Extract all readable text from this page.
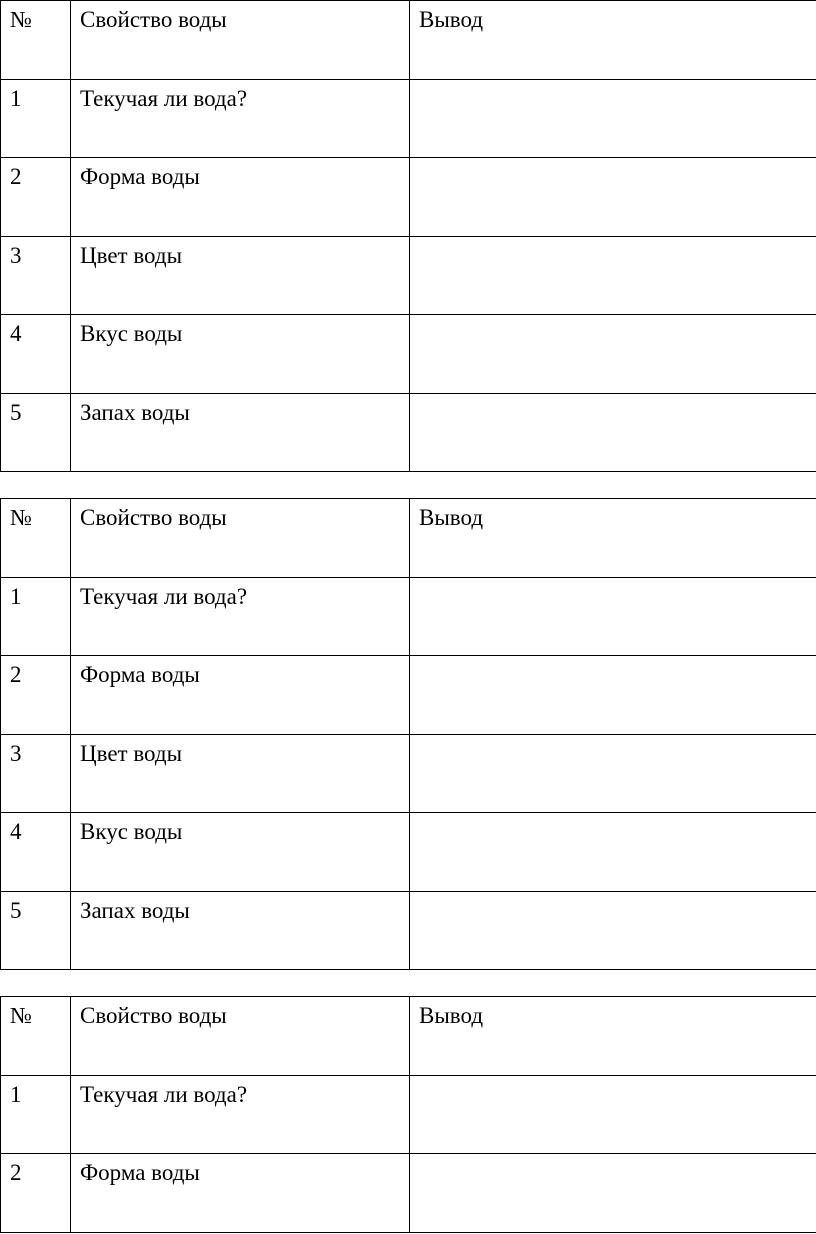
№	Свойство воды	Вывод
1	Текучая ли вода?	
2	Форма воды	
3	Цвет воды	
4	Вкус воды	
5	Запах воды	
№	Свойство воды	Вывод
1	Текучая ли вода?	
2	Форма воды	
3	Цвет воды	
4	Вкус воды	
5	Запах воды	
№	Свойство воды	Вывод
1	Текучая ли вода?	
2	Форма воды	
